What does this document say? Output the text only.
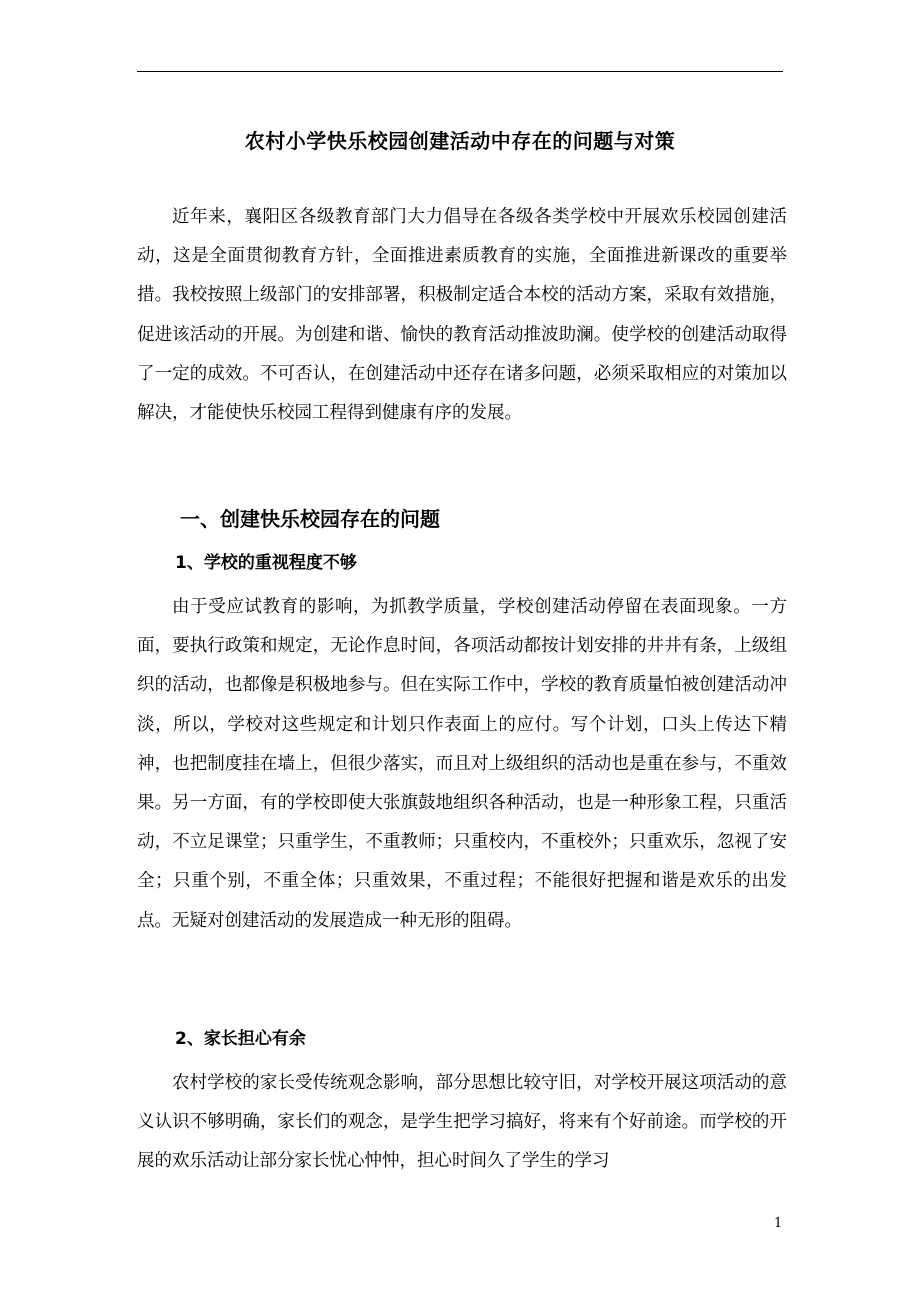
农村小学快乐校园创建活动中存在的问题与对策

近年来，襄阳区各级教育部门大力倡导在各级各类学校中开展欢乐校园创建活动，这是全面贯彻教育方针，全面推进素质教育的实施，全面推进新课改的重要举措。我校按照上级部门的安排部署，积极制定适合本校的活动方案，采取有效措施，促进该活动的开展。为创建和谐、愉快的教育活动推波助澜。使学校的创建活动取得了一定的成效。不可否认，在创建活动中还存在诸多问题，必须采取相应的对策加以解决，才能使快乐校园工程得到健康有序的发展。

一、创建快乐校园存在的问题
1、学校的重视程度不够

由于受应试教育的影响，为抓教学质量，学校创建活动停留在表面现象。一方面，要执行政策和规定，无论作息时间，各项活动都按计划安排的井井有条，上级组织的活动，也都像是积极地参与。但在实际工作中，学校的教育质量怕被创建活动冲淡，所以，学校对这些规定和计划只作表面上的应付。写个计划，口头上传达下精神，也把制度挂在墙上，但很少落实，而且对上级组织的活动也是重在参与，不重效果。另一方面，有的学校即使大张旗鼓地组织各种活动，也是一种形象工程，只重活动，不立足课堂；只重学生，不重教师；只重校内，不重校外；只重欢乐，忽视了安全；只重个别，不重全体；只重效果，不重过程；不能很好把握和谐是欢乐的出发点。无疑对创建活动的发展造成一种无形的阻碍。

2、家长担心有余

农村学校的家长受传统观念影响，部分思想比较守旧，对学校开展这项活动的意义认识不够明确，家长们的观念，是学生把学习搞好，将来有个好前途。而学校的开展的欢乐活动让部分家长忧心忡忡，担心时间久了学生的学习

1
